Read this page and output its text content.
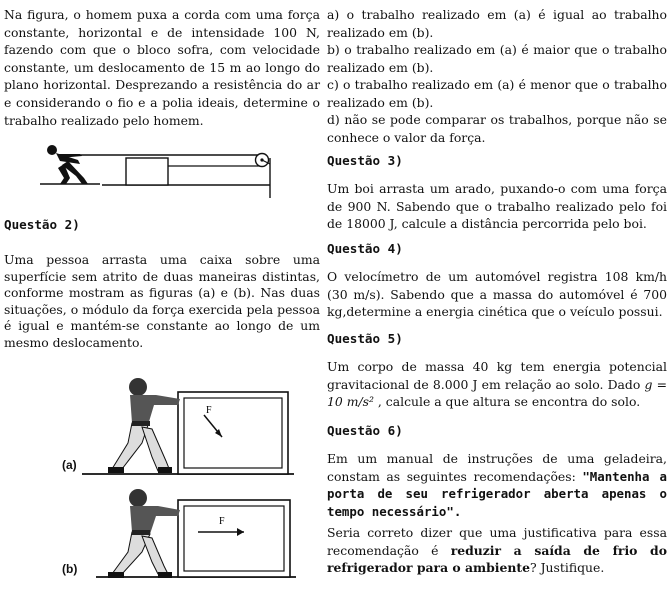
Na figura, o homem puxa a corda com uma força constante, horizontal e de intensidade 100 N, fazendo com que o bloco sofra, com velocidade constante, um deslocamento de 15 m ao longo do plano horizontal. Desprezando a resistência do ar e considerando o fio e a polia ideais, determine o trabalho realizado pelo homem.
Questão 2)
Uma pessoa arrasta uma caixa sobre uma superfície sem atrito de duas maneiras distintas, conforme mostram as figuras (a) e (b). Nas duas situações, o módulo da força exercida pela pessoa é igual e mantém-se constante ao longo de um mesmo deslocamento.
(a)
F
(b)
F
a) o trabalho realizado em (a) é igual ao trabalho realizado em (b).
b) o trabalho realizado em (a) é maior que o trabalho realizado em (b).
c) o trabalho realizado em (a) é menor que o trabalho realizado em (b).
d) não se pode comparar os trabalhos, porque não se conhece o valor da força.
Questão 3)
Um boi arrasta um arado, puxando-o com uma força de 900 N. Sabendo que o trabalho realizado pelo foi de 18000 J, calcule a distância percorrida pelo boi.
Questão 4)
O velocímetro de um automóvel registra 108 km/h (30 m/s). Sabendo que a massa do automóvel é 700 kg,determine a energia cinética que o veículo possui.
Questão 5)
Um corpo de massa 40 kg tem energia potencial gravitacional de 8.000 J em relação ao solo. Dado g = 10 m/s² , calcule a que altura se encontra do solo.
Questão 6)
Em um manual de instruções de uma geladeira, constam as seguintes recomendações: "Mantenha a porta de seu refrigerador aberta apenas o tempo necessário".
Seria correto dizer que uma justificativa para essa recomendação é reduzir a saída de frio do refrigerador para o ambiente? Justifique.
